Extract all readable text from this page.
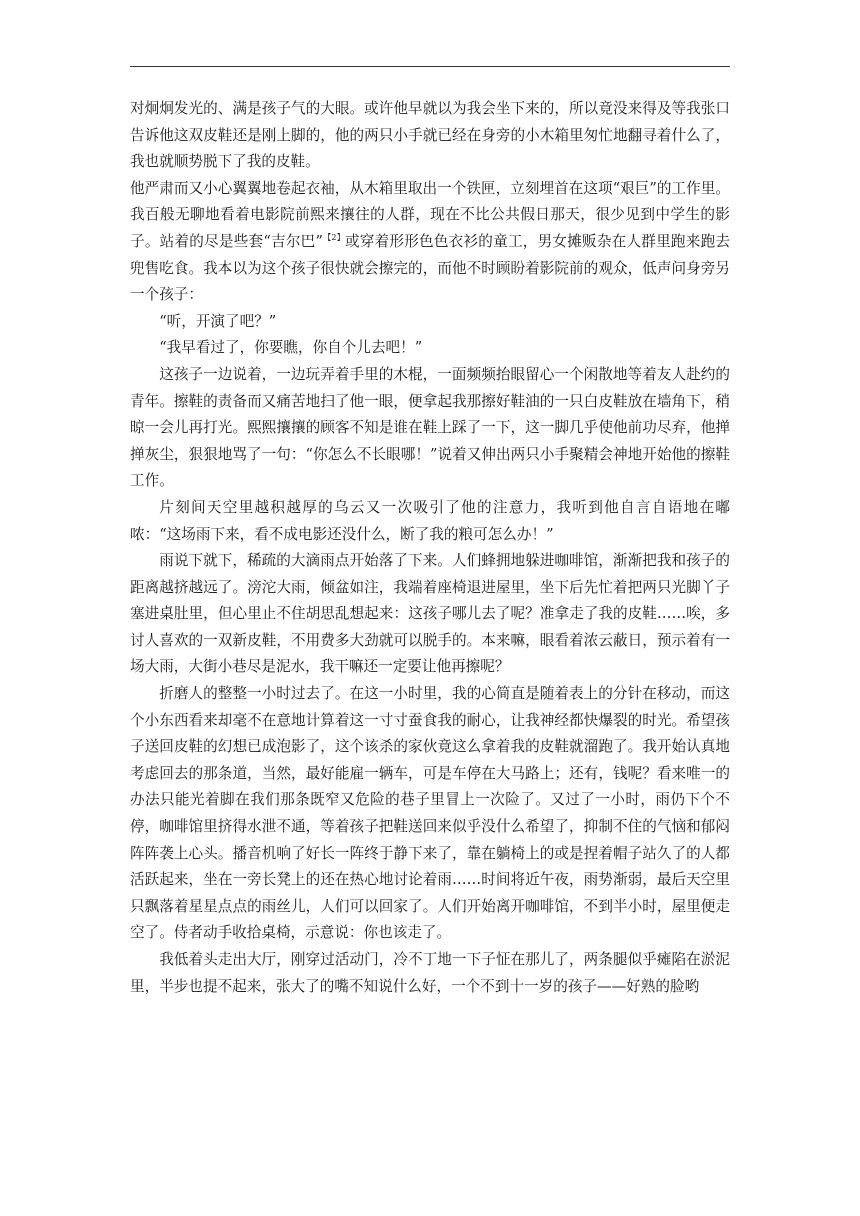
对炯炯发光的、满是孩子气的大眼。或许他早就以为我会坐下来的，所以竟没来得及等我张口告诉他这双皮鞋还是刚上脚的，他的两只小手就已经在身旁的小木箱里匆忙地翻寻着什么了，我也就顺势脱下了我的皮鞋。

他严肃而又小心翼翼地卷起衣袖，从木箱里取出一个铁匣，立刻埋首在这项“艰巨”的工作里。我百般无聊地看着电影院前熙来攘往的人群，现在不比公共假日那天，很少见到中学生的影子。站着的尽是些套“吉尔巴”$^{【2】}$或穿着形形色色衣衫的童工，男女摊贩杂在人群里跑来跑去兜售吃食。我本以为这个孩子很快就会擦完的，而他不时顾盼着影院前的观众，低声问身旁另一个孩子：

“听，开演了吧？”

“我早看过了，你要瞧，你自个儿去吧！”

这孩子一边说着，一边玩弄着手里的木棍，一面频频抬眼留心一个闲散地等着友人赴约的青年。擦鞋的责备而又痛苦地扫了他一眼，便拿起我那擦好鞋油的一只白皮鞋放在墙角下，稍晾一会儿再打光。熙熙攘攘的顾客不知是谁在鞋上踩了一下，这一脚几乎使他前功尽弃，他掸掸灰尘，狠狠地骂了一句：“你怎么不长眼哪！”说着又伸出两只小手聚精会神地开始他的擦鞋工作。

片刻间天空里越积越厚的乌云又一次吸引了他的注意力，我听到他自言自语地在嘟哝：“这场雨下来，看不成电影还没什么，断了我的粮可怎么办！”

雨说下就下，稀疏的大滴雨点开始落了下来。人们蜂拥地躲进咖啡馆，渐渐把我和孩子的距离越挤越远了。滂沱大雨，倾盆如注，我端着座椅退进屋里，坐下后先忙着把两只光脚丫子塞进桌肚里，但心里止不住胡思乱想起来：这孩子哪儿去了呢？准拿走了我的皮鞋……唉，多讨人喜欢的一双新皮鞋，不用费多大劲就可以脱手的。本来嘛，眼看着浓云蔽日，预示着有一场大雨，大街小巷尽是泥水，我干嘛还一定要让他再擦呢？

折磨人的整整一小时过去了。在这一小时里，我的心简直是随着表上的分针在移动，而这个小东西看来却毫不在意地计算着这一寸寸蚕食我的耐心，让我神经都快爆裂的时光。希望孩子送回皮鞋的幻想已成泡影了，这个该杀的家伙竟这么拿着我的皮鞋就溜跑了。我开始认真地考虑回去的那条道，当然，最好能雇一辆车，可是车停在大马路上；还有，钱呢？看来唯一的办法只能光着脚在我们那条既窄又危险的巷子里冒上一次险了。又过了一小时，雨仍下个不停，咖啡馆里挤得水泄不通，等着孩子把鞋送回来似乎没什么希望了，抑制不住的气恼和郁闷阵阵袭上心头。播音机响了好长一阵终于静下来了，靠在躺椅上的或是捏着帽子站久了的人都活跃起来，坐在一旁长凳上的还在热心地讨论着雨……时间将近午夜，雨势渐弱，最后天空里只飘落着星星点点的雨丝儿，人们可以回家了。人们开始离开咖啡馆，不到半小时，屋里便走空了。侍者动手收拾桌椅，示意说：你也该走了。

我低着头走出大厅，刚穿过活动门，冷不丁地一下子怔在那儿了，两条腿似乎瘫陷在淤泥里，半步也提不起来，张大了的嘴不知说什么好，一个不到十一岁的孩子——好熟的脸哟
